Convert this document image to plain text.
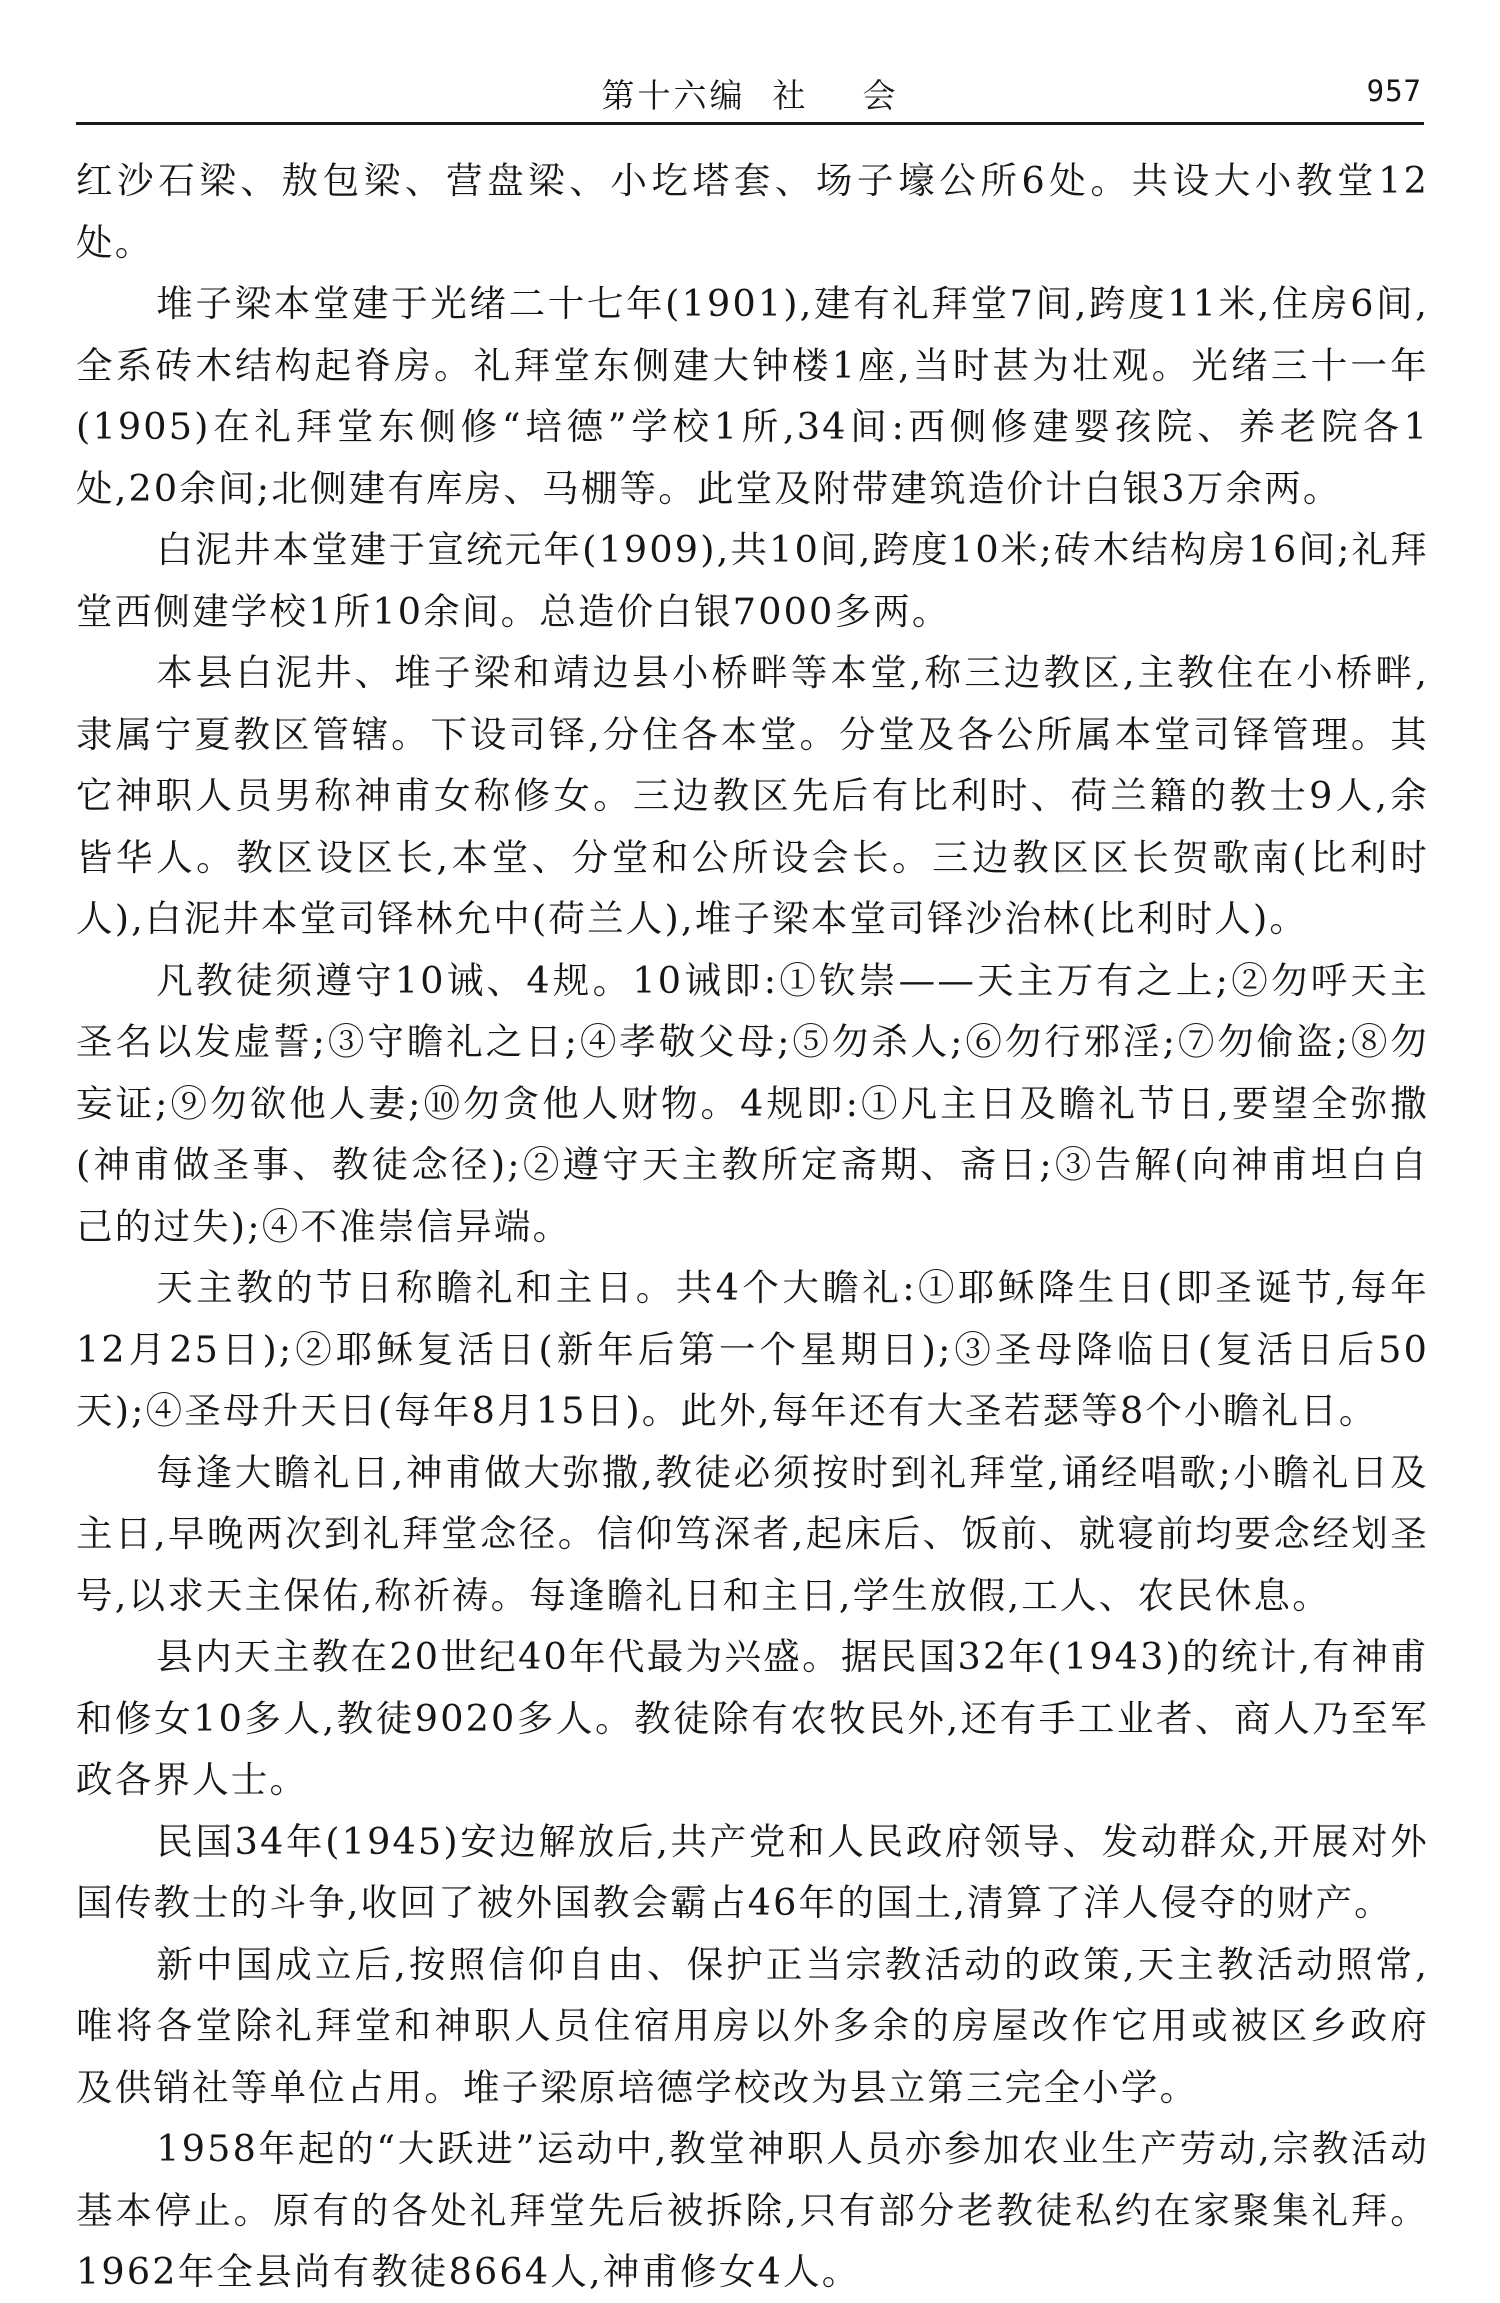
第十六编  社    会	957

红沙石梁、敖包梁、营盘梁、小圪塔套、场子壕公所6处。共设大小教堂12处。

堆子梁本堂建于光绪二十七年(1901),建有礼拜堂7间,跨度11米,住房6间,全系砖木结构起脊房。礼拜堂东侧建大钟楼1座,当时甚为壮观。光绪三十一年(1905)在礼拜堂东侧修“培德”学校1所,34间:西侧修建婴孩院、养老院各1处,20余间;北侧建有库房、马棚等。此堂及附带建筑造价计白银3万余两。

白泥井本堂建于宣统元年(1909),共10间,跨度10米;砖木结构房16间;礼拜堂西侧建学校1所10余间。总造价白银7000多两。

本县白泥井、堆子梁和靖边县小桥畔等本堂,称三边教区,主教住在小桥畔,隶属宁夏教区管辖。下设司铎,分住各本堂。分堂及各公所属本堂司铎管理。其它神职人员男称神甫女称修女。三边教区先后有比利时、荷兰籍的教士9人,余皆华人。教区设区长,本堂、分堂和公所设会长。三边教区区长贺歌南(比利时人),白泥井本堂司铎林允中(荷兰人),堆子梁本堂司铎沙治林(比利时人)。

凡教徒须遵守10诫、4规。10诫即:①钦崇——天主万有之上;②勿呼天主圣名以发虚誓;③守瞻礼之日;④孝敬父母;⑤勿杀人;⑥勿行邪淫;⑦勿偷盗;⑧勿妄证;⑨勿欲他人妻;⑩勿贪他人财物。4规即:①凡主日及瞻礼节日,要望全弥撒(神甫做圣事、教徒念径);②遵守天主教所定斋期、斋日;③告解(向神甫坦白自己的过失);④不准崇信异端。

天主教的节日称瞻礼和主日。共4个大瞻礼:①耶稣降生日(即圣诞节,每年12月25日);②耶稣复活日(新年后第一个星期日);③圣母降临日(复活日后50天);④圣母升天日(每年8月15日)。此外,每年还有大圣若瑟等8个小瞻礼日。

每逢大瞻礼日,神甫做大弥撒,教徒必须按时到礼拜堂,诵经唱歌;小瞻礼日及主日,早晚两次到礼拜堂念径。信仰笃深者,起床后、饭前、就寝前均要念经划圣号,以求天主保佑,称祈祷。每逢瞻礼日和主日,学生放假,工人、农民休息。

县内天主教在20世纪40年代最为兴盛。据民国32年(1943)的统计,有神甫和修女10多人,教徒9020多人。教徒除有农牧民外,还有手工业者、商人乃至军政各界人士。

民国34年(1945)安边解放后,共产党和人民政府领导、发动群众,开展对外国传教士的斗争,收回了被外国教会霸占46年的国土,清算了洋人侵夺的财产。

新中国成立后,按照信仰自由、保护正当宗教活动的政策,天主教活动照常,唯将各堂除礼拜堂和神职人员住宿用房以外多余的房屋改作它用或被区乡政府及供销社等单位占用。堆子梁原培德学校改为县立第三完全小学。

1958年起的“大跃进”运动中,教堂神职人员亦参加农业生产劳动,宗教活动基本停止。原有的各处礼拜堂先后被拆除,只有部分老教徒私约在家聚集礼拜。1962年全县尚有教徒8664人,神甫修女4人。
